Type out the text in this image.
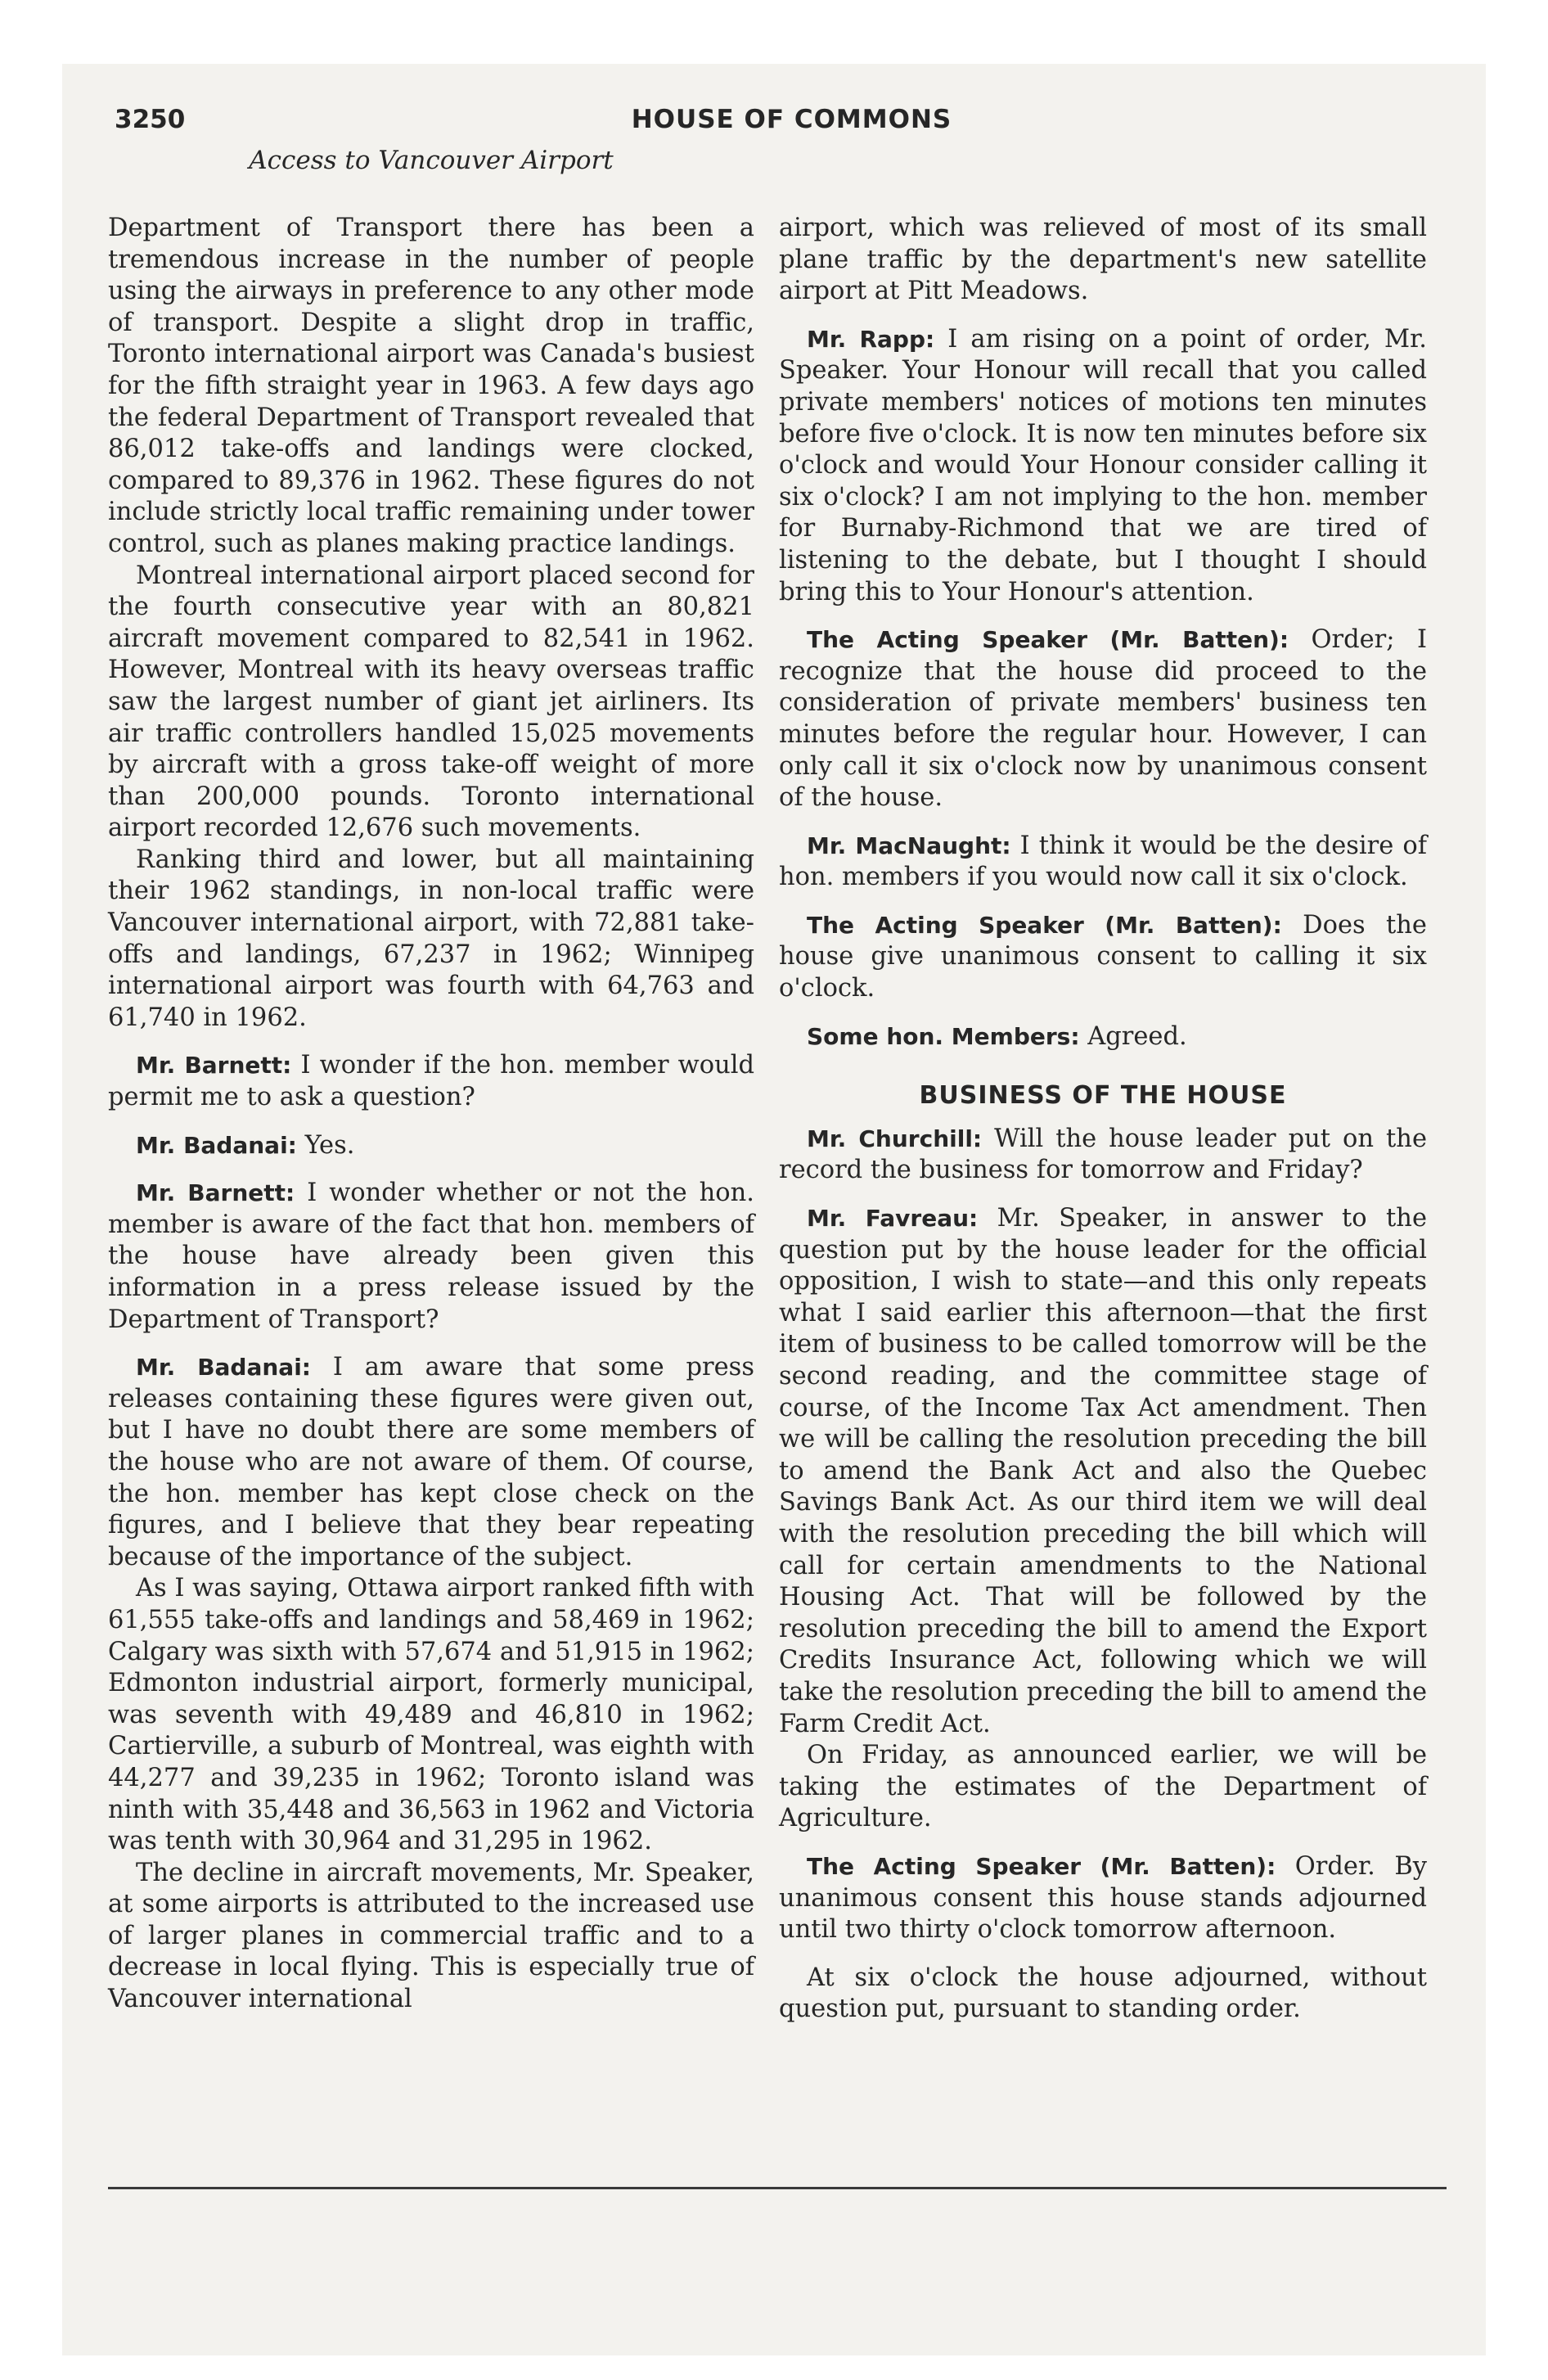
3250	HOUSE OF COMMONS
Access to Vancouver Airport

Department of Transport there has been a tremendous increase in the number of people using the airways in preference to any other mode of transport. Despite a slight drop in traffic, Toronto international airport was Canada's busiest for the fifth straight year in 1963. A few days ago the federal Department of Transport revealed that 86,012 take-offs and landings were clocked, compared to 89,376 in 1962. These figures do not include strictly local traffic remaining under tower control, such as planes making practice landings.

Montreal international airport placed second for the fourth consecutive year with an 80,821 aircraft movement compared to 82,541 in 1962. However, Montreal with its heavy overseas traffic saw the largest number of giant jet airliners. Its air traffic controllers handled 15,025 movements by aircraft with a gross take-off weight of more than 200,000 pounds. Toronto international airport recorded 12,676 such movements.

Ranking third and lower, but all maintaining their 1962 standings, in non-local traffic were Vancouver international airport, with 72,881 take-offs and landings, 67,237 in 1962; Winnipeg international airport was fourth with 64,763 and 61,740 in 1962.

Mr. Barnett: I wonder if the hon. member would permit me to ask a question?

Mr. Badanai: Yes.

Mr. Barnett: I wonder whether or not the hon. member is aware of the fact that hon. members of the house have already been given this information in a press release issued by the Department of Transport?

Mr. Badanai: I am aware that some press releases containing these figures were given out, but I have no doubt there are some members of the house who are not aware of them. Of course, the hon. member has kept close check on the figures, and I believe that they bear repeating because of the importance of the subject.

As I was saying, Ottawa airport ranked fifth with 61,555 take-offs and landings and 58,469 in 1962; Calgary was sixth with 57,674 and 51,915 in 1962; Edmonton industrial airport, formerly municipal, was seventh with 49,489 and 46,810 in 1962; Cartierville, a suburb of Montreal, was eighth with 44,277 and 39,235 in 1962; Toronto island was ninth with 35,448 and 36,563 in 1962 and Victoria was tenth with 30,964 and 31,295 in 1962.

The decline in aircraft movements, Mr. Speaker, at some airports is attributed to the increased use of larger planes in commercial traffic and to a decrease in local flying. This is especially true of Vancouver international

airport, which was relieved of most of its small plane traffic by the department's new satellite airport at Pitt Meadows.

Mr. Rapp: I am rising on a point of order, Mr. Speaker. Your Honour will recall that you called private members' notices of motions ten minutes before five o'clock. It is now ten minutes before six o'clock and would Your Honour consider calling it six o'clock? I am not implying to the hon. member for Burnaby-Richmond that we are tired of listening to the debate, but I thought I should bring this to Your Honour's attention.

The Acting Speaker (Mr. Batten): Order; I recognize that the house did proceed to the consideration of private members' business ten minutes before the regular hour. However, I can only call it six o'clock now by unanimous consent of the house.

Mr. MacNaught: I think it would be the desire of hon. members if you would now call it six o'clock.

The Acting Speaker (Mr. Batten): Does the house give unanimous consent to calling it six o'clock.

Some hon. Members: Agreed.

BUSINESS OF THE HOUSE

Mr. Churchill: Will the house leader put on the record the business for tomorrow and Friday?

Mr. Favreau: Mr. Speaker, in answer to the question put by the house leader for the official opposition, I wish to state—and this only repeats what I said earlier this afternoon—that the first item of business to be called tomorrow will be the second reading, and the committee stage of course, of the Income Tax Act amendment. Then we will be calling the resolution preceding the bill to amend the Bank Act and also the Quebec Savings Bank Act. As our third item we will deal with the resolution preceding the bill which will call for certain amendments to the National Housing Act. That will be followed by the resolution preceding the bill to amend the Export Credits Insurance Act, following which we will take the resolution preceding the bill to amend the Farm Credit Act.

On Friday, as announced earlier, we will be taking the estimates of the Department of Agriculture.

The Acting Speaker (Mr. Batten): Order. By unanimous consent this house stands adjourned until two thirty o'clock tomorrow afternoon.

At six o'clock the house adjourned, without question put, pursuant to standing order.
